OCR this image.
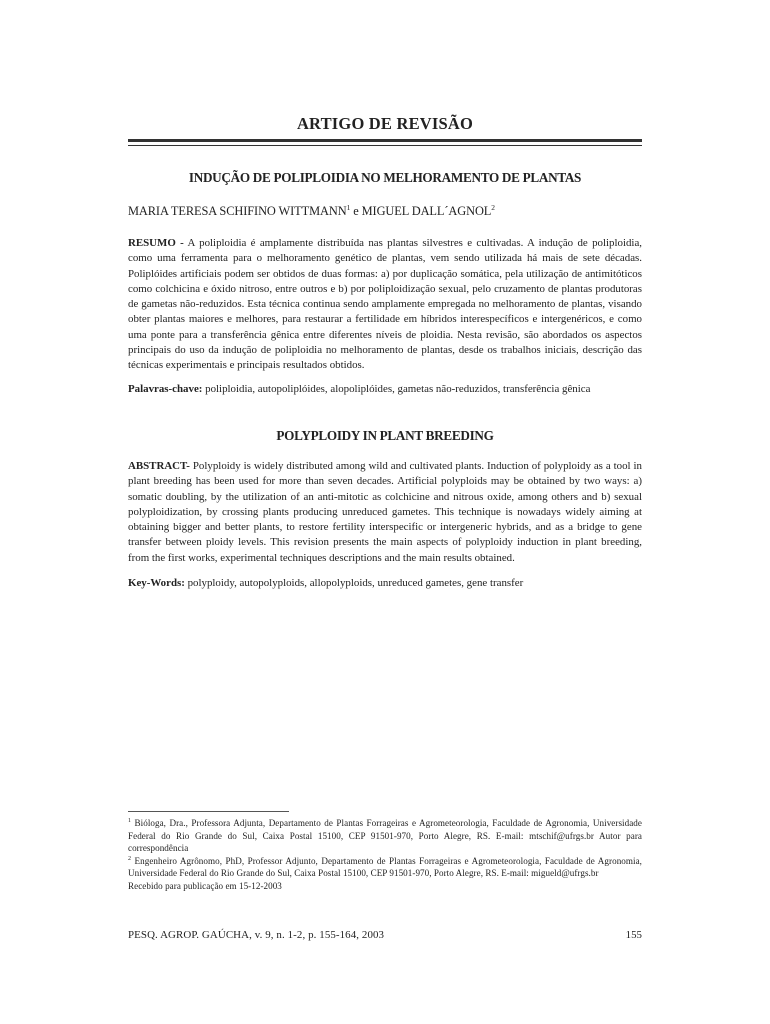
ARTIGO DE REVISÃO
INDUÇÃO DE POLIPLOIDIA NO MELHORAMENTO DE PLANTAS
MARIA TERESA SCHIFINO WITTMANN$^1$ e MIGUEL DALL´AGNOL$^2$
RESUMO - A poliploidia é amplamente distribuída nas plantas silvestres e cultivadas. A indução de poliploidia, como uma ferramenta para o melhoramento genético de plantas, vem sendo utilizada há mais de sete décadas. Poliplóides artificiais podem ser obtidos de duas formas: a) por duplicação somática, pela utilização de antimitóticos como colchicina e óxido nitroso, entre outros e b) por poliploidização sexual, pelo cruzamento de plantas produtoras de gametas não-reduzidos. Esta técnica continua sendo amplamente empregada no melhoramento de plantas, visando obter plantas maiores e melhores, para restaurar a fertilidade em híbridos interespecíficos e intergenéricos, e como uma ponte para a transferência gênica entre diferentes níveis de ploidia. Nesta revisão, são abordados os aspectos principais do uso da indução de poliploidia no melhoramento de plantas, desde os trabalhos iniciais, descrição das técnicas experimentais e principais resultados obtidos.
Palavras-chave: poliploidia, autopoliplóides, alopoliplóides, gametas não-reduzidos, transferência gênica
POLYPLOIDY IN PLANT BREEDING
ABSTRACT- Polyploidy is widely distributed among wild and cultivated plants. Induction of polyploidy as a tool in plant breeding has been used for more than seven decades. Artificial polyploids may be obtained by two ways: a) somatic doubling, by the utilization of an anti-mitotic as colchicine and nitrous oxide, among others and b) sexual polyploidization, by crossing plants producing unreduced gametes. This technique is nowadays widely aiming at obtaining bigger and better plants, to restore fertility interspecific or intergeneric hybrids, and as a bridge to gene transfer between ploidy levels. This revision presents the main aspects of polyploidy induction in plant breeding, from the first works, experimental techniques descriptions and the main results obtained.
Key-Words: polyploidy, autopolyploids, allopolyploids, unreduced gametes, gene transfer

$^1$ Bióloga, Dra., Professora Adjunta, Departamento de Plantas Forrageiras e Agrometeorologia, Faculdade de Agronomia, Universidade Federal do Rio Grande do Sul, Caixa Postal 15100, CEP 91501-970, Porto Alegre, RS. E-mail: mtschif@ufrgs.br Autor para correspondência

$^2$ Engenheiro Agrônomo, PhD, Professor Adjunto, Departamento de Plantas Forrageiras e Agrometeorologia, Faculdade de Agronomia, Universidade Federal do Rio Grande do Sul, Caixa Postal 15100, CEP 91501-970, Porto Alegre, RS. E-mail: migueld@ufrgs.br

Recebido para publicação em 15-12-2003

PESQ. AGROP. GAÚCHA, v. 9, n. 1-2, p. 155-164, 2003	155
